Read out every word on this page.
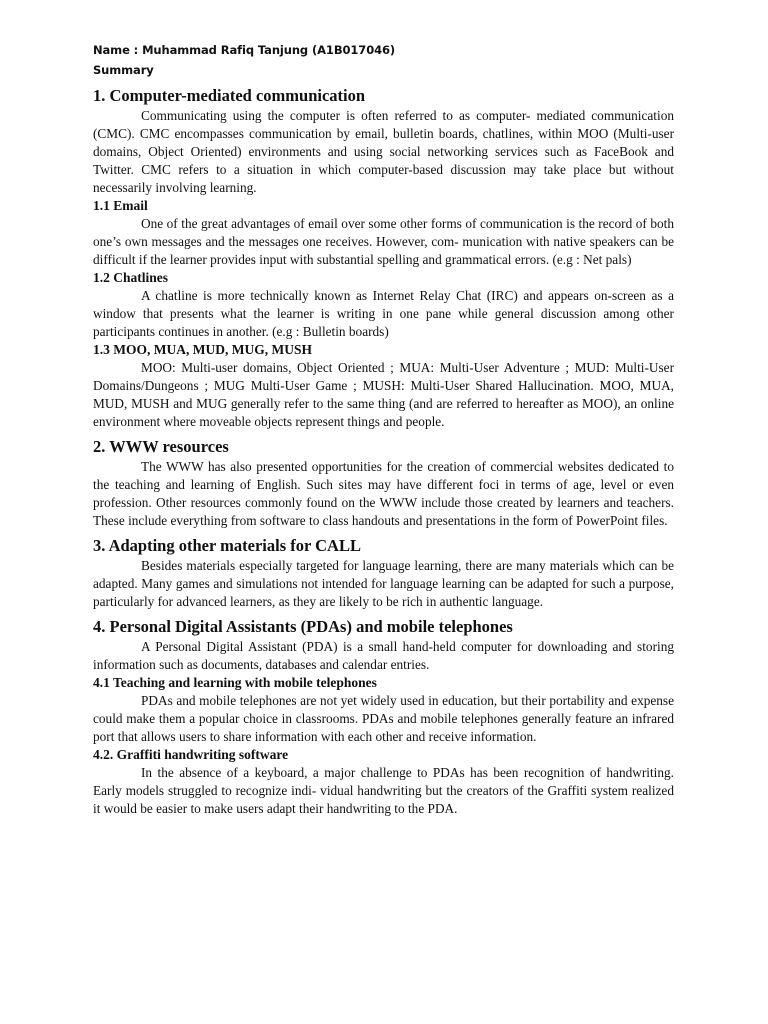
Name : Muhammad Rafiq Tanjung (A1B017046)
Summary
1. Computer-mediated communication

Communicating using the computer is often referred to as computer- mediated communication (CMC). CMC encompasses communication by email, bulletin boards, chatlines, within MOO (Multi-user domains, Object Oriented) environments and using social networking services such as FaceBook and Twitter. CMC refers to a situation in which computer-based discussion may take place but without necessarily involving learning.

1.1 Email

One of the great advantages of email over some other forms of communication is the record of both one’s own messages and the messages one receives. However, com- munication with native speakers can be difficult if the learner provides input with substantial spelling and grammatical errors. (e.g : Net pals)

1.2 Chatlines

A chatline is more technically known as Internet Relay Chat (IRC) and appears on-screen as a window that presents what the learner is writing in one pane while general discussion among other participants continues in another. (e.g : Bulletin boards)

1.3 MOO, MUA, MUD, MUG, MUSH

MOO: Multi-user domains, Object Oriented ; MUA: Multi-User Adventure ; MUD: Multi-User Domains/Dungeons ; MUG Multi-User Game ; MUSH: Multi-User Shared Hallucination. MOO, MUA, MUD, MUSH and MUG generally refer to the same thing (and are referred to hereafter as MOO), an online environment where moveable objects represent things and people.

2. WWW resources

The WWW has also presented opportunities for the creation of commercial websites dedicated to the teaching and learning of English. Such sites may have different foci in terms of age, level or even profession. Other resources commonly found on the WWW include those created by learners and teachers. These include everything from software to class handouts and presentations in the form of PowerPoint files.

3. Adapting other materials for CALL

Besides materials especially targeted for language learning, there are many materials which can be adapted. Many games and simulations not intended for language learning can be adapted for such a purpose, particularly for advanced learners, as they are likely to be rich in authentic language.

4. Personal Digital Assistants (PDAs) and mobile telephones

A Personal Digital Assistant (PDA) is a small hand-held computer for downloading and storing information such as documents, databases and calendar entries.

4.1 Teaching and learning with mobile telephones

PDAs and mobile telephones are not yet widely used in education, but their portability and expense could make them a popular choice in classrooms. PDAs and mobile telephones generally feature an infrared port that allows users to share information with each other and receive information.

4.2. Graffiti handwriting software

In the absence of a keyboard, a major challenge to PDAs has been recognition of handwriting. Early models struggled to recognize indi- vidual handwriting but the creators of the Graffiti system realized it would be easier to make users adapt their handwriting to the PDA.
